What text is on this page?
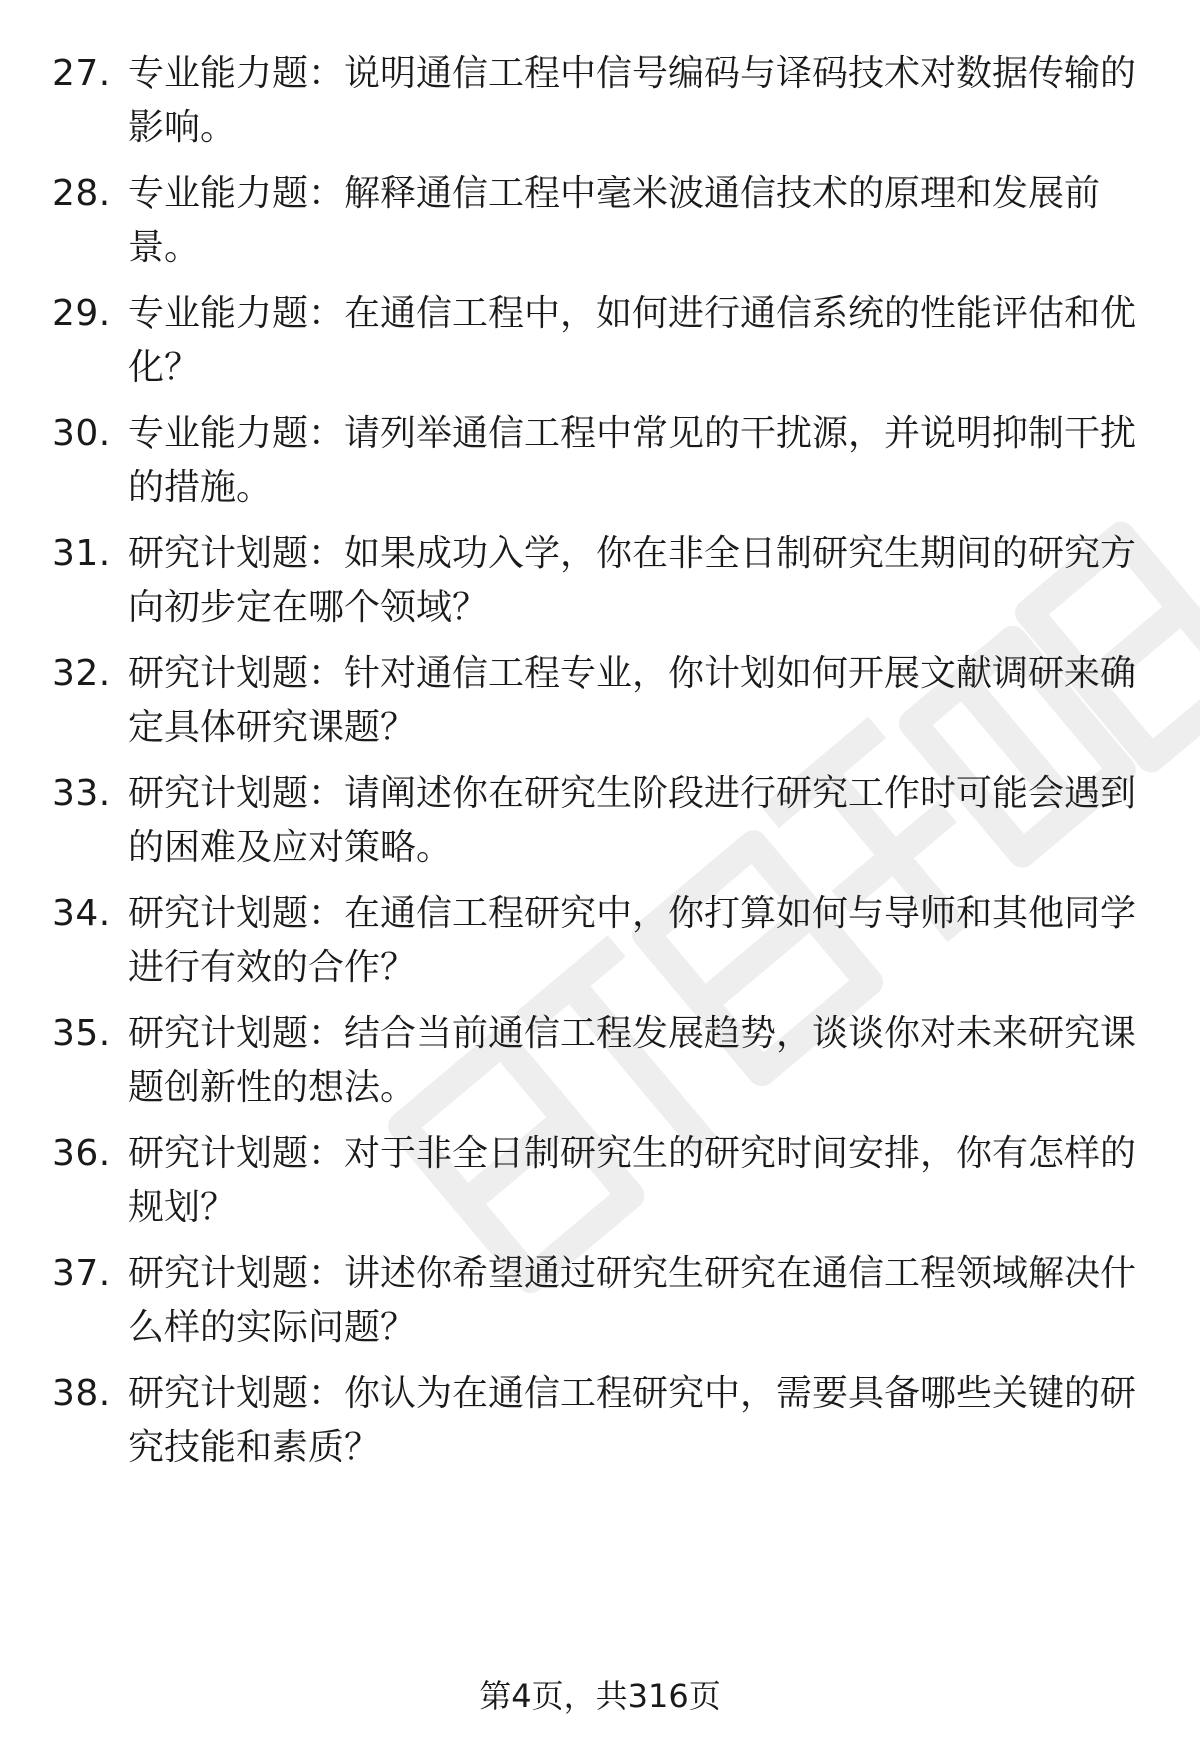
27. 专业能力题：说明通信工程中信号编码与译码技术对数据传输的
影响。
28. 专业能力题：解释通信工程中毫米波通信技术的原理和发展前
景。
29. 专业能力题：在通信工程中，如何进行通信系统的性能评估和优
化？
30. 专业能力题：请列举通信工程中常见的干扰源，并说明抑制干扰
的措施。
31. 研究计划题：如果成功入学，你在非全日制研究生期间的研究方
向初步定在哪个领域？
32. 研究计划题：针对通信工程专业，你计划如何开展文献调研来确
定具体研究课题？
33. 研究计划题：请阐述你在研究生阶段进行研究工作时可能会遇到
的困难及应对策略。
34. 研究计划题：在通信工程研究中，你打算如何与导师和其他同学
进行有效的合作？
35. 研究计划题：结合当前通信工程发展趋势，谈谈你对未来研究课
题创新性的想法。
36. 研究计划题：对于非全日制研究生的研究时间安排，你有怎样的
规划？
37. 研究计划题：讲述你希望通过研究生研究在通信工程领域解决什
么样的实际问题？
38. 研究计划题：你认为在通信工程研究中，需要具备哪些关键的研
究技能和素质？
第4页，共316页
